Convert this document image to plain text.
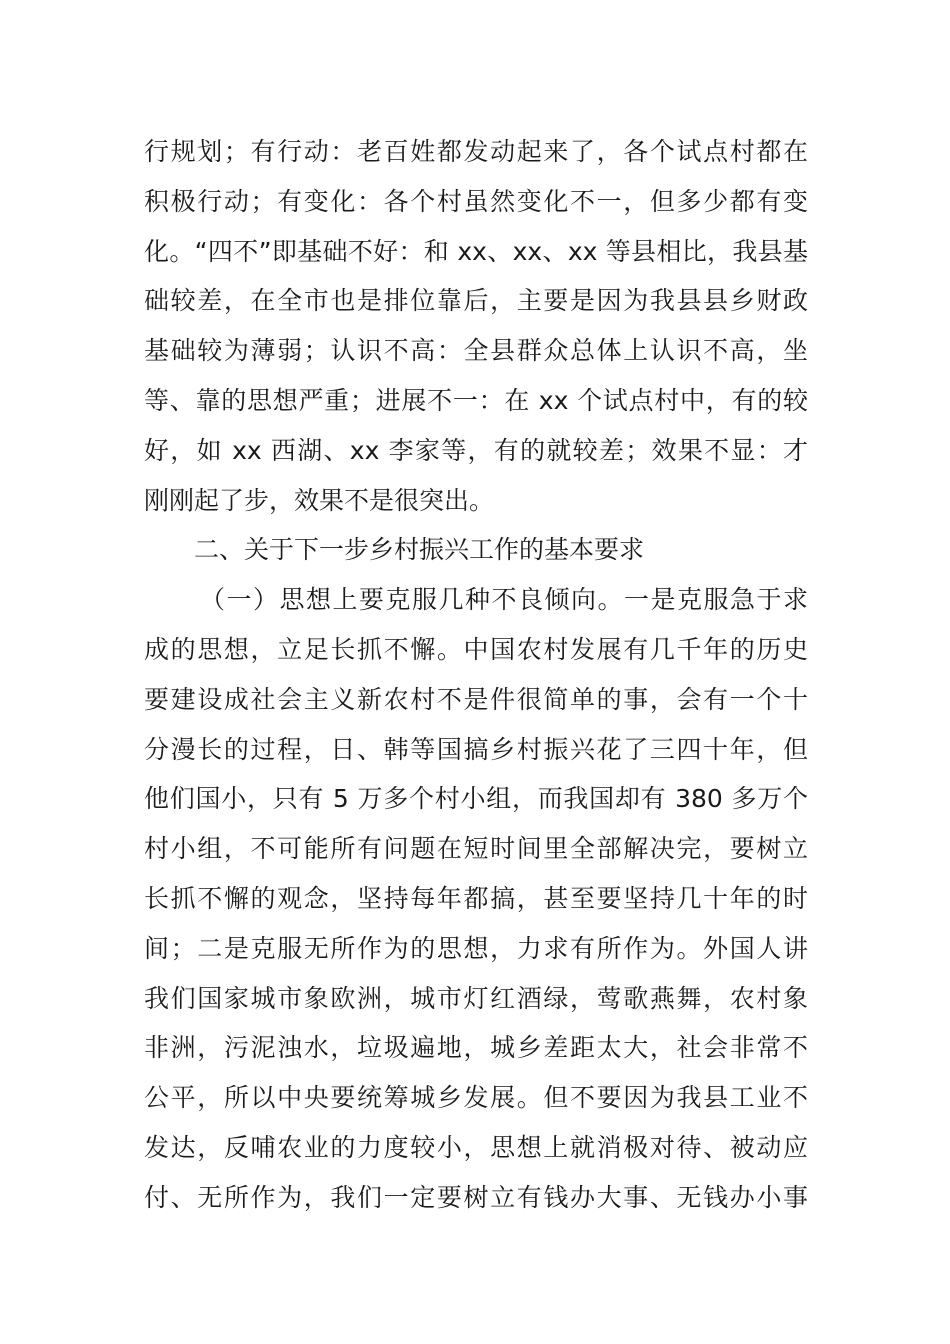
行规划；有行动：老百姓都发动起来了，各个试点村都在
积极行动；有变化：各个村虽然变化不一，但多少都有变
化。“四不”即基础不好：和 xx、xx、xx 等县相比，我县基
础较差，在全市也是排位靠后，主要是因为我县县乡财政
基础较为薄弱；认识不高：全县群众总体上认识不高，坐
等、靠的思想严重；进展不一：在 xx 个试点村中，有的较
好，如 xx 西湖、xx 李家等，有的就较差；效果不显：才
刚刚起了步，效果不是很突出。
二、关于下一步乡村振兴工作的基本要求
（一）思想上要克服几种不良倾向。一是克服急于求
成的思想，立足长抓不懈。中国农村发展有几千年的历史
要建设成社会主义新农村不是件很简单的事，会有一个十
分漫长的过程，日、韩等国搞乡村振兴花了三四十年，但
他们国小，只有 5 万多个村小组，而我国却有 380 多万个
村小组，不可能所有问题在短时间里全部解决完，要树立
长抓不懈的观念，坚持每年都搞，甚至要坚持几十年的时
间；二是克服无所作为的思想，力求有所作为。外国人讲
我们国家城市象欧洲，城市灯红酒绿，莺歌燕舞，农村象
非洲，污泥浊水，垃圾遍地，城乡差距太大，社会非常不
公平，所以中央要统筹城乡发展。但不要因为我县工业不
发达，反哺农业的力度较小，思想上就消极对待、被动应
付、无所作为，我们一定要树立有钱办大事、无钱办小事
